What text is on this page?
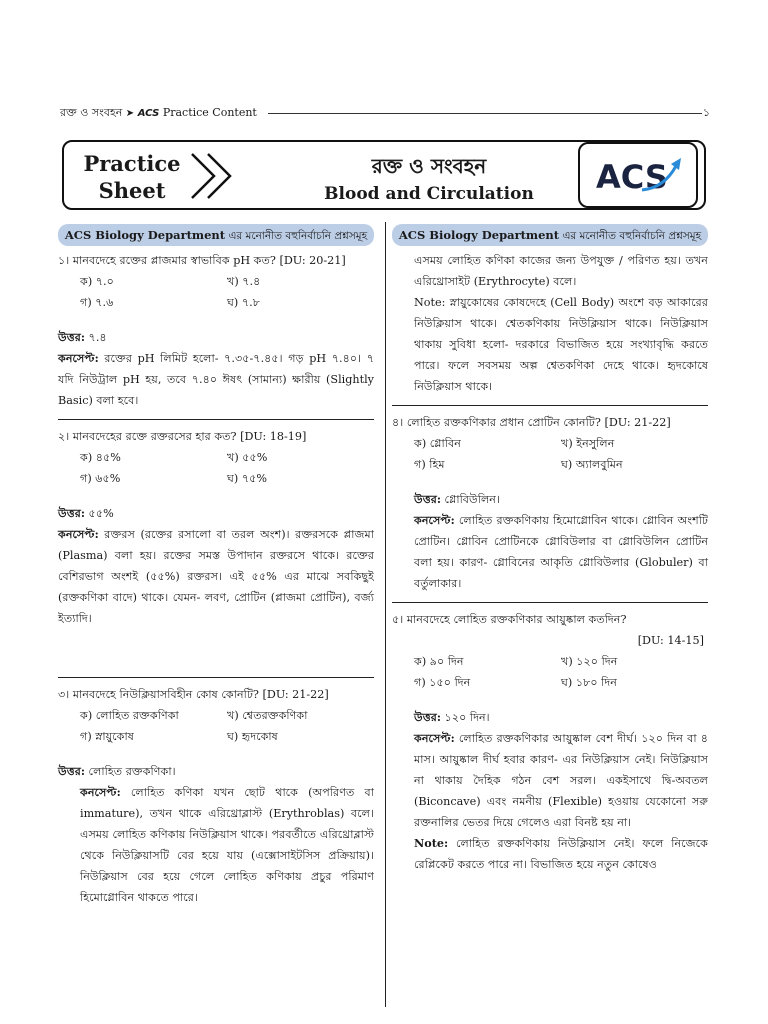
রক্ত ও সংবহন ➤ ACS Practice Content	১
Practice
Sheet
রক্ত ও সংবহন
Blood and Circulation	ACS
ACS Biology Department এর মনোনীত বহুনির্বাচনি প্রশ্নসমূহ

১। মানবদেহে রক্তের প্লাজমার স্বাভাবিক pH কত? [DU: 20-21]

ক) ৭.০	খ) ৭.৪
গ) ৭.৬	ঘ) ৭.৮
উত্তর: ৭.৪
কনসেপ্ট: রক্তের pH লিমিট হলো- ৭.৩৫-৭.৪৫। গড় pH ৭.৪০। ৭ যদি নিউট্রাল pH হয়, তবে ৭.৪০ ঈষৎ (সামান্য) ক্ষারীয় (Slightly Basic) বলা হবে।

২। মানবদেহের রক্তে রক্তরসের হার কত? [DU: 18-19]

ক) ৪৫%	খ) ৫৫%
গ) ৬৫%	ঘ) ৭৫%
উত্তর: ৫৫%
কনসেপ্ট: রক্তরস (রক্তের রসালো বা তরল অংশ)। রক্তরসকে প্লাজমা (Plasma) বলা হয়। রক্তের সমস্ত উপাদান রক্তরসে থাকে। রক্তের বেশিরভাগ অংশই (৫৫%) রক্তরস। এই ৫৫% এর মাঝে সবকিছুই (রক্তকণিকা বাদে) থাকে। যেমন- লবণ, প্রোটিন (প্লাজমা প্রোটিন), বর্জ্য ইত্যাদি।

৩। মানবদেহে নিউক্লিয়াসবিহীন কোষ কোনটি? [DU: 21-22]

ক) লোহিত রক্তকণিকা	খ) শ্বেতরক্তকণিকা
গ) স্নায়ুকোষ	ঘ) হৃদকোষ
উত্তর: লোহিত রক্তকণিকা।
কনসেপ্ট: লোহিত কণিকা যখন ছোট থাকে (অপরিণত বা immature), তখন থাকে এরিথ্রোব্লাস্ট (Erythroblas) বলে। এসময় লোহিত কণিকায় নিউক্লিয়াস থাকে। পরবর্তীতে এরিথ্রোব্লাস্ট থেকে নিউক্লিয়াসটি বের হয়ে যায় (এক্সোসাইটসিস প্রক্রিয়ায়)। নিউক্লিয়াস বের হয়ে গেলে লোহিত কণিকায় প্রচুর পরিমাণ হিমোগ্লোবিন থাকতে পারে।
ACS Biology Department এর মনোনীত বহুনির্বাচনি প্রশ্নসমূহ
এসময় লোহিত কণিকা কাজের জন্য উপযুক্ত / পরিণত হয়। তখন এরিথ্রোসাইট (Erythrocyte) বলে।
Note: স্নায়ুকোষের কোষদেহে (Cell Body) অংশে বড় আকারের নিউক্লিয়াস থাকে। শ্বেতকণিকায় নিউক্লিয়াস থাকে। নিউক্লিয়াস থাকায় সুবিধা হলো- দরকারে বিভাজিত হয়ে সংখ্যাবৃদ্ধি করতে পারে। ফলে সবসময় অল্প শ্বেতকণিকা দেহে থাকে। হৃদকোষে নিউক্লিয়াস থাকে।

৪। লোহিত রক্তকণিকার প্রধান প্রোটিন কোনটি? [DU: 21-22]

ক) গ্লোবিন	খ) ইনসুলিন
গ) হিম	ঘ) অ্যালবুমিন
উত্তর: গ্লোবিউলিন।
কনসেপ্ট: লোহিত রক্তকণিকায় হিমোগ্লোবিন থাকে। গ্লোবিন অংশটি প্রোটিন। গ্লোবিন প্রোটিনকে গ্লোবিউলার বা গ্লোবিউলিন প্রোটিন বলা হয়। কারণ- গ্লোবিনের আকৃতি গ্লোবিউলার (Globuler) বা বর্তুলাকার।

৫। মানবদেহে লোহিত রক্তকণিকার আয়ুষ্কাল কতদিন?

[DU: 14-15]
ক) ৯০ দিন	খ) ১২০ দিন
গ) ১৫০ দিন	ঘ) ১৮০ দিন
উত্তর: ১২০ দিন।
কনসেপ্ট: লোহিত রক্তকণিকার আয়ুষ্কাল বেশ দীর্ঘ। ১২০ দিন বা ৪ মাস। আয়ুষ্কাল দীর্ঘ হবার কারণ- এর নিউক্লিয়াস নেই। নিউক্লিয়াস না থাকায় দৈহিক গঠন বেশ সরল। একইসাথে দ্বি-অবতল (Biconcave) এবং নমনীয় (Flexible) হওয়ায় যেকোনো সরু রক্তনালির ভেতর দিয়ে গেলেও এরা বিনষ্ট হয় না।
Note: লোহিত রক্তকণিকায় নিউক্লিয়াস নেই। ফলে নিজেকে রেপ্লিকেট করতে পারে না। বিভাজিত হয়ে নতুন কোষেও
